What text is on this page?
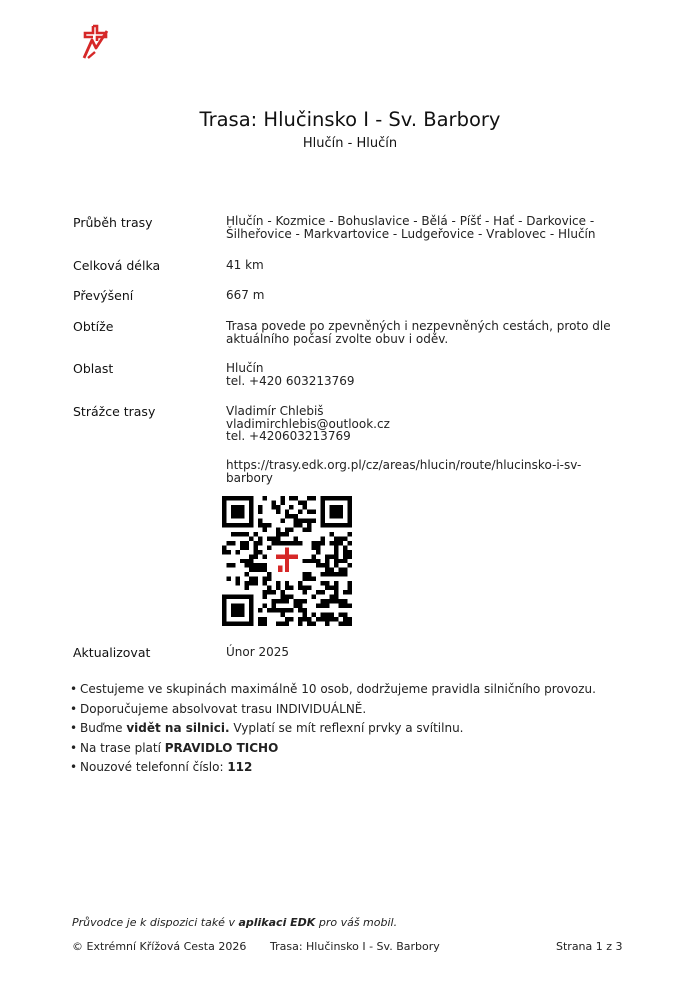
Trasa: Hlučinsko I - Sv. Barbory
Hlučín - Hlučín
Průběh trasy	Hlučín - Kozmice - Bohuslavice - Bělá - Píšť - Hať - Darkovice -
Šilheřovice - Markvartovice - Ludgeřovice - Vrablovec - Hlučín
Celková délka	41 km
Převýšení	667 m
Obtíže	Trasa povede po zpevněných i nezpevněných cestách, proto dle
aktuálního počasí zvolte obuv i oděv.
Oblast	Hlučín
tel. +420 603213769
Strážce trasy	Vladimír Chlebiš
vladimirchlebis@outlook.cz
tel. +420603213769
https://trasy.edk.org.pl/cz/areas/hlucin/route/hlucinsko-i-sv-
barbory
Aktualizovat	Únor 2025
• Cestujeme ve skupinách maximálně 10 osob, dodržujeme pravidla silničního provozu.
• Doporučujeme absolvovat trasu INDIVIDUÁLNĚ.
• Buďme vidět na silnici. Vyplatí se mít reflexní prvky a svítilnu.
• Na trase platí PRAVIDLO TICHO
• Nouzové telefonní číslo: 112
Průvodce je k dispozici také v aplikaci EDK pro váš mobil.
© Extrémní Křížová Cesta 2026 Trasa: Hlučinsko I - Sv. Barbory	Strana 1 z 3
